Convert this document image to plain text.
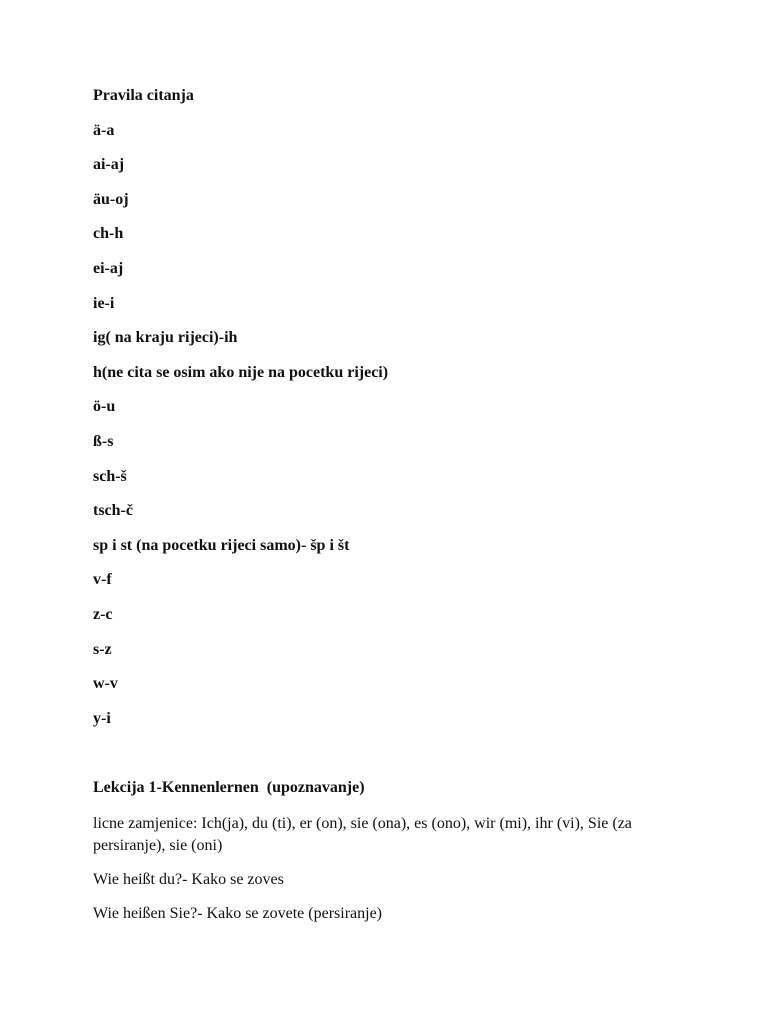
Pravila citanja
ä-a
ai-aj
äu-oj
ch-h
ei-aj
ie-i
ig( na kraju rijeci)-ih
h(ne cita se osim ako nije na pocetku rijeci)
ö-u
ß-s
sch-š
tsch-č
sp i st (na pocetku rijeci samo)- šp i št
v-f
z-c
s-z
w-v
y-i
Lekcija 1-Kennenlernen  (upoznavanje)

licne zamjenice: Ich(ja), du (ti), er (on), sie (ona), es (ono), wir (mi), ihr (vi), Sie (za persiranje), sie (oni)

Wie heißt du?- Kako se zoves

Wie heißen Sie?- Kako se zovete (persiranje)
